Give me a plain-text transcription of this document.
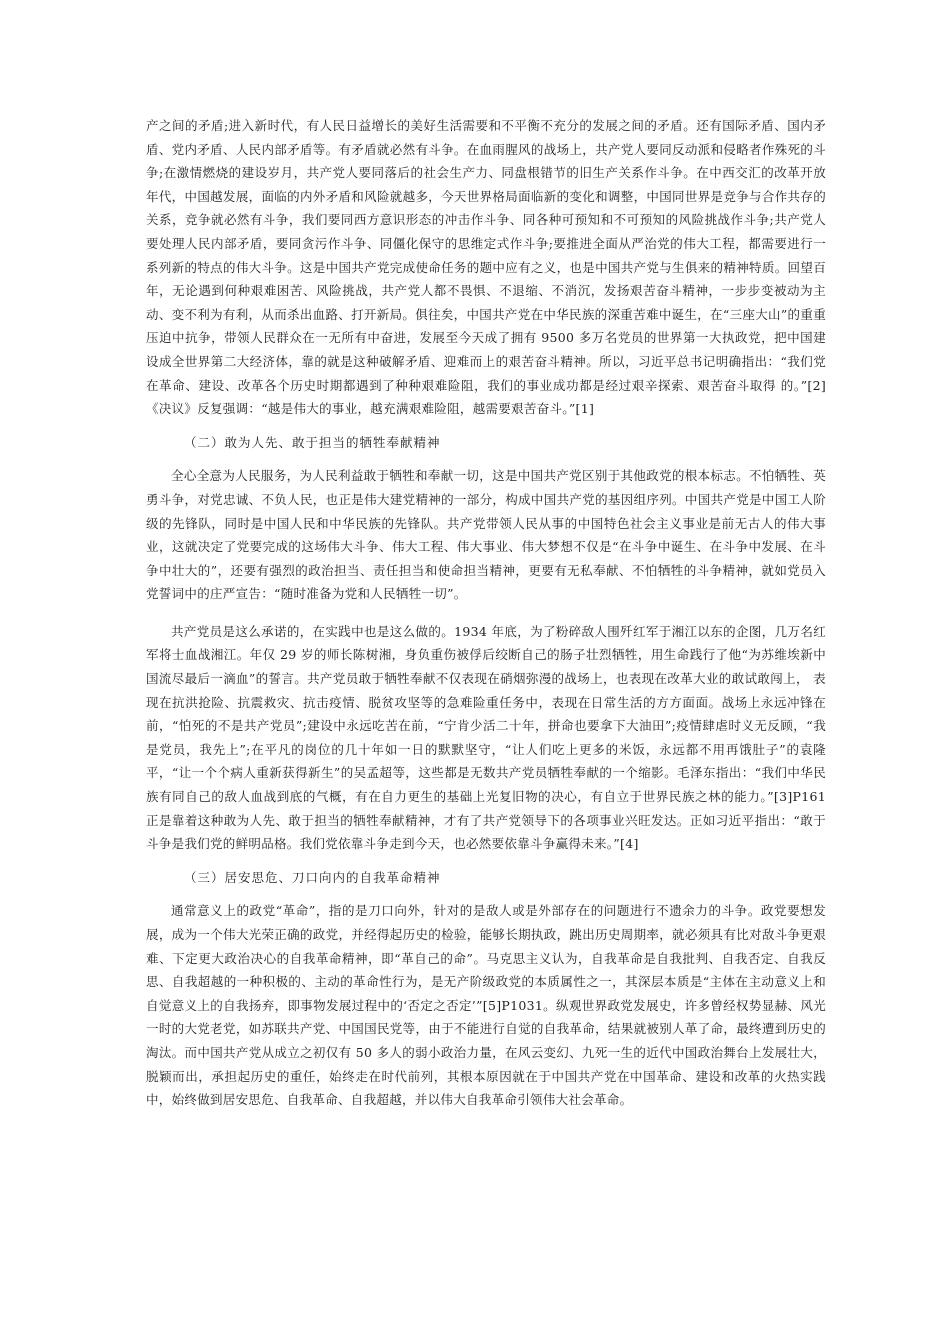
产之间的矛盾;进入新时代，有人民日益增长的美好生活需要和不平衡不充分的发展之间的矛盾。还有国际矛盾、国内矛盾、党内矛盾、人民内部矛盾等。有矛盾就必然有斗争。在血雨腥风的战场上，共产党人要同反动派和侵略者作殊死的斗争;在激情燃烧的建设岁月，共产党人要同落后的社会生产力、同盘根错节的旧生产关系作斗争。在中西交汇的改革开放年代，中国越发展，面临的内外矛盾和风险就越多，今天世界格局面临新的变化和调整，中国同世界是竞争与合作共存的关系，竞争就必然有斗争，我们要同西方意识形态的冲击作斗争、同各种可预知和不可预知的风险挑战作斗争;共产党人要处理人民内部矛盾，要同贪污作斗争、同僵化保守的思维定式作斗争;要推进全面从严治党的伟大工程，都需要进行一系列新的特点的伟大斗争。这是中国共产党完成使命任务的题中应有之义，也是中国共产党与生俱来的精神特质。回望百年，无论遇到何种艰难困苦、风险挑战，共产党人都不畏惧、不退缩、不消沉，发扬艰苦奋斗精神，一步步变被动为主动、变不利为有利，从而杀出血路、打开新局。俱往矣，中国共产党在中华民族的深重苦难中诞生，在“三座大山”的重重压迫中抗争，带领人民群众在一无所有中奋进，发展至今天成了拥有 9500 多万名党员的世界第一大执政党，把中国建设成全世界第二大经济体，靠的就是这种破解矛盾、迎难而上的艰苦奋斗精神。所以，习近平总书记明确指出：“我们党在革命、建设、改革各个历史时期都遇到了种种艰难险阻，我们的事业成功都是经过艰辛探索、艰苦奋斗取得 的。”[2]《决议》反复强调：“越是伟大的事业，越充满艰难险阻，越需要艰苦奋斗。”[1]

（二）敢为人先、敢于担当的牺牲奉献精神

全心全意为人民服务，为人民利益敢于牺牲和奉献一切，这是中国共产党区别于其他政党的根本标志。不怕牺牲、英勇斗争，对党忠诚、不负人民，也正是伟大建党精神的一部分，构成中国共产党的基因组序列。中国共产党是中国工人阶级的先锋队，同时是中国人民和中华民族的先锋队。共产党带领人民从事的中国特色社会主义事业是前无古人的伟大事业，这就决定了党要完成的这场伟大斗争、伟大工程、伟大事业、伟大梦想不仅是“在斗争中诞生、在斗争中发展、在斗争中壮大的”，还要有强烈的政治担当、责任担当和使命担当精神，更要有无私奉献、不怕牺牲的斗争精神，就如党员入党誓词中的庄严宣告：“随时准备为党和人民牺牲一切”。

共产党员是这么承诺的，在实践中也是这么做的。1934 年底，为了粉碎敌人围歼红军于湘江以东的企图，几万名红军将士血战湘江。年仅 29 岁的师长陈树湘，身负重伤被俘后绞断自己的肠子壮烈牺牲，用生命践行了他“为苏维埃新中国流尽最后一滴血”的誓言。共产党员敢于牺牲奉献不仅表现在硝烟弥漫的战场上，也表现在改革大业的敢试敢闯上， 表现在抗洪抢险、抗震救灾、抗击疫情、脱贫攻坚等的急难险重任务中，表现在日常生活的方方面面。战场上永远冲锋在前，“怕死的不是共产党员”;建设中永远吃苦在前，“宁肯少活二十年，拼命也要拿下大油田”;疫情肆虐时义无反顾，“我是党员，我先上”;在平凡的岗位的几十年如一日的默默坚守，“让人们吃上更多的米饭，永远都不用再饿肚子”的袁隆平，“让一个个病人重新获得新生”的吴孟超等，这些都是无数共产党员牺牲奉献的一个缩影。毛泽东指出：“我们中华民族有同自己的敌人血战到底的气概，有在自力更生的基础上光复旧物的决心，有自立于世界民族之林的能力。”[3]P161 正是靠着这种敢为人先、敢于担当的牺牲奉献精神，才有了共产党领导下的各项事业兴旺发达。正如习近平指出：“敢于斗争是我们党的鲜明品格。我们党依靠斗争走到今天，也必然要依靠斗争赢得未来。”[4]

（三）居安思危、刀口向内的自我革命精神

通常意义上的政党“革命”，指的是刀口向外，针对的是敌人或是外部存在的问题进行不遗余力的斗争。政党要想发展，成为一个伟大光荣正确的政党，并经得起历史的检验，能够长期执政，跳出历史周期率，就必须具有比对敌斗争更艰难、下定更大政治决心的自我革命精神，即“革自己的命”。马克思主义认为，自我革命是自我批判、自我否定、自我反思、自我超越的一种积极的、主动的革命性行为，是无产阶级政党的本质属性之一，其深层本质是“主体在主动意义上和自觉意义上的自我扬弃，即事物发展过程中的‘否定之否定’”[5]P1031。纵观世界政党发展史，许多曾经权势显赫、风光一时的大党老党，如苏联共产党、中国国民党等，由于不能进行自觉的自我革命，结果就被别人革了命，最终遭到历史的淘汰。而中国共产党从成立之初仅有 50 多人的弱小政治力量，在风云变幻、九死一生的近代中国政治舞台上发展壮大，脱颖而出，承担起历史的重任，始终走在时代前列，其根本原因就在于中国共产党在中国革命、建设和改革的火热实践中，始终做到居安思危、自我革命、自我超越，并以伟大自我革命引领伟大社会革命。
